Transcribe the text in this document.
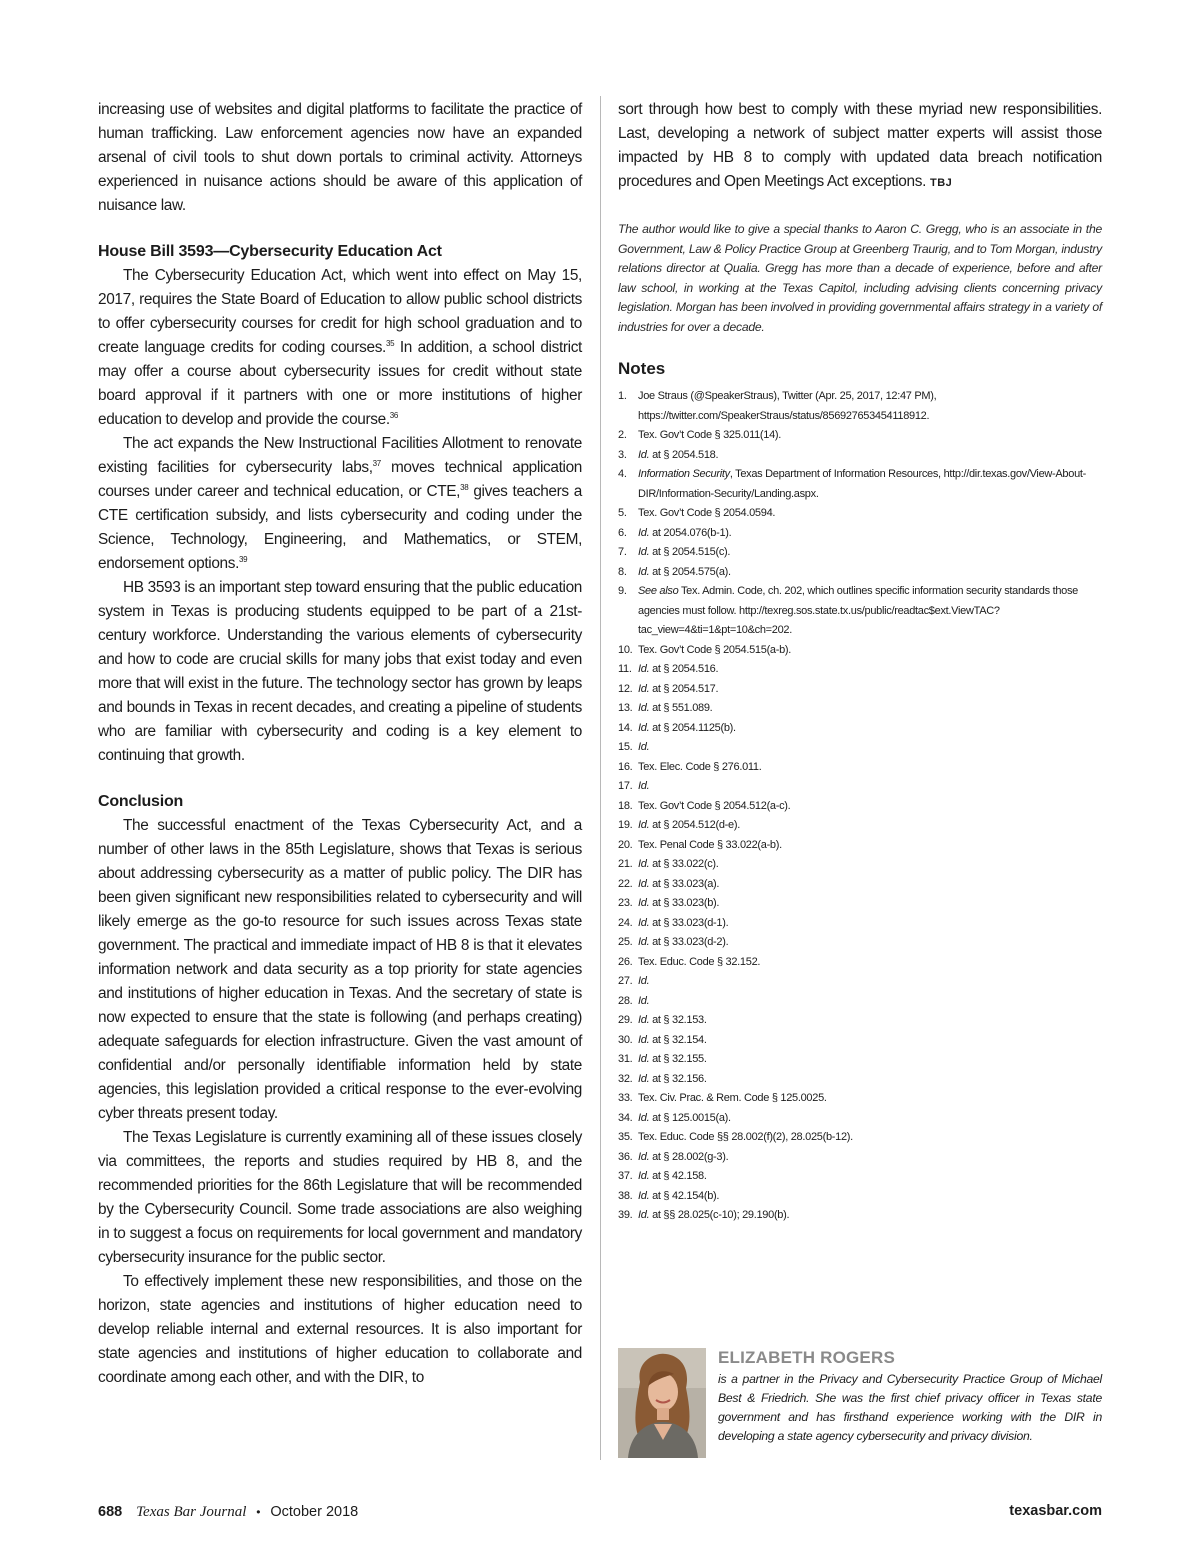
increasing use of websites and digital platforms to facilitate the practice of human trafficking. Law enforcement agencies now have an expanded arsenal of civil tools to shut down portals to criminal activity. Attorneys experienced in nuisance actions should be aware of this application of nuisance law.

House Bill 3593—Cybersecurity Education Act

The Cybersecurity Education Act, which went into effect on May 15, 2017, requires the State Board of Education to allow public school districts to offer cybersecurity courses for credit for high school graduation and to create language credits for coding courses.$^{35}$ In addition, a school district may offer a course about cybersecurity issues for credit without state board approval if it partners with one or more institutions of higher education to develop and provide the course.$^{36}$

The act expands the New Instructional Facilities Allotment to renovate existing facilities for cybersecurity labs,$^{37}$ moves technical application courses under career and technical education, or CTE,$^{38}$ gives teachers a CTE certification subsidy, and lists cybersecurity and coding under the Science, Technology, Engineering, and Mathematics, or STEM, endorsement options.$^{39}$

HB 3593 is an important step toward ensuring that the public education system in Texas is producing students equipped to be part of a 21st-century workforce. Understanding the various elements of cybersecurity and how to code are crucial skills for many jobs that exist today and even more that will exist in the future. The technology sector has grown by leaps and bounds in Texas in recent decades, and creating a pipeline of students who are familiar with cybersecurity and coding is a key element to continuing that growth.

Conclusion

The successful enactment of the Texas Cybersecurity Act, and a number of other laws in the 85th Legislature, shows that Texas is serious about addressing cybersecurity as a matter of public policy. The DIR has been given significant new responsibilities related to cybersecurity and will likely emerge as the go-to resource for such issues across Texas state government. The practical and immediate impact of HB 8 is that it elevates information network and data security as a top priority for state agencies and institutions of higher education in Texas. And the secretary of state is now expected to ensure that the state is following (and perhaps creating) adequate safeguards for election infrastructure. Given the vast amount of confidential and/or personally identifiable information held by state agencies, this legislation provided a critical response to the ever-evolving cyber threats present today.

The Texas Legislature is currently examining all of these issues closely via committees, the reports and studies required by HB 8, and the recommended priorities for the 86th Legislature that will be recommended by the Cybersecurity Council. Some trade associations are also weighing in to suggest a focus on requirements for local government and mandatory cybersecurity insurance for the public sector.

To effectively implement these new responsibilities, and those on the horizon, state agencies and institutions of higher education need to develop reliable internal and external resources. It is also important for state agencies and institutions of higher education to collaborate and coordinate among each other, and with the DIR, to

sort through how best to comply with these myriad new responsibilities. Last, developing a network of subject matter experts will assist those impacted by HB 8 to comply with updated data breach notification procedures and Open Meetings Act exceptions. TBJ

The author would like to give a special thanks to Aaron C. Gregg, who is an associate in the Government, Law & Policy Practice Group at Greenberg Traurig, and to Tom Morgan, industry relations director at Qualia. Gregg has more than a decade of experience, before and after law school, in working at the Texas Capitol, including advising clients concerning privacy legislation. Morgan has been involved in providing governmental affairs strategy in a variety of industries for over a decade.

Notes
1.	Joe Straus (@SpeakerStraus), Twitter (Apr. 25, 2017, 12:47 PM), https://twitter.com/SpeakerStraus/status/856927653454118912.
2.	Tex. Gov’t Code § 325.011(14).
3.	Id. at § 2054.518.
4.	Information Security, Texas Department of Information Resources, http://dir.texas.gov/View-About-DIR/Information-Security/Landing.aspx.
5.	Tex. Gov’t Code § 2054.0594.
6.	Id. at 2054.076(b-1).
7.	Id. at § 2054.515(c).
8.	Id. at § 2054.575(a).
9.	See also Tex. Admin. Code, ch. 202, which outlines specific information security standards those agencies must follow. http://texreg.sos.state.tx.us/public/readtac$ext.ViewTAC?tac_view=4&ti=1&pt=10&ch=202.
10. Tex. Gov’t Code § 2054.515(a-b).
11. Id. at § 2054.516.
12. Id. at § 2054.517.
13. Id. at § 551.089.
14. Id. at § 2054.1125(b).
15. Id.
16. Tex. Elec. Code § 276.011.
17. Id.
18. Tex. Gov’t Code § 2054.512(a-c).
19. Id. at § 2054.512(d-e).
20. Tex. Penal Code § 33.022(a-b).
21. Id. at § 33.022(c).
22. Id. at § 33.023(a).
23. Id. at § 33.023(b).
24. Id. at § 33.023(d-1).
25. Id. at § 33.023(d-2).
26. Tex. Educ. Code § 32.152.
27. Id.
28. Id.
29. Id. at § 32.153.
30. Id. at § 32.154.
31. Id. at § 32.155.
32. Id. at § 32.156.
33. Tex. Civ. Prac. & Rem. Code § 125.0025.
34. Id. at § 125.0015(a).
35. Tex. Educ. Code §§ 28.002(f)(2), 28.025(b-12).
36. Id. at § 28.002(g-3).
37. Id. at § 42.158.
38. Id. at § 42.154(b).
39. Id. at §§ 28.025(c-10); 29.190(b).
ELIZABETH ROGERS
is a partner in the Privacy and Cybersecurity Practice Group of Michael Best & Friedrich. She was the first chief privacy officer in Texas state government and has firsthand experience working with the DIR in developing a state agency cybersecurity and privacy division.
688 Texas Bar Journal • October 2018	texasbar.com
